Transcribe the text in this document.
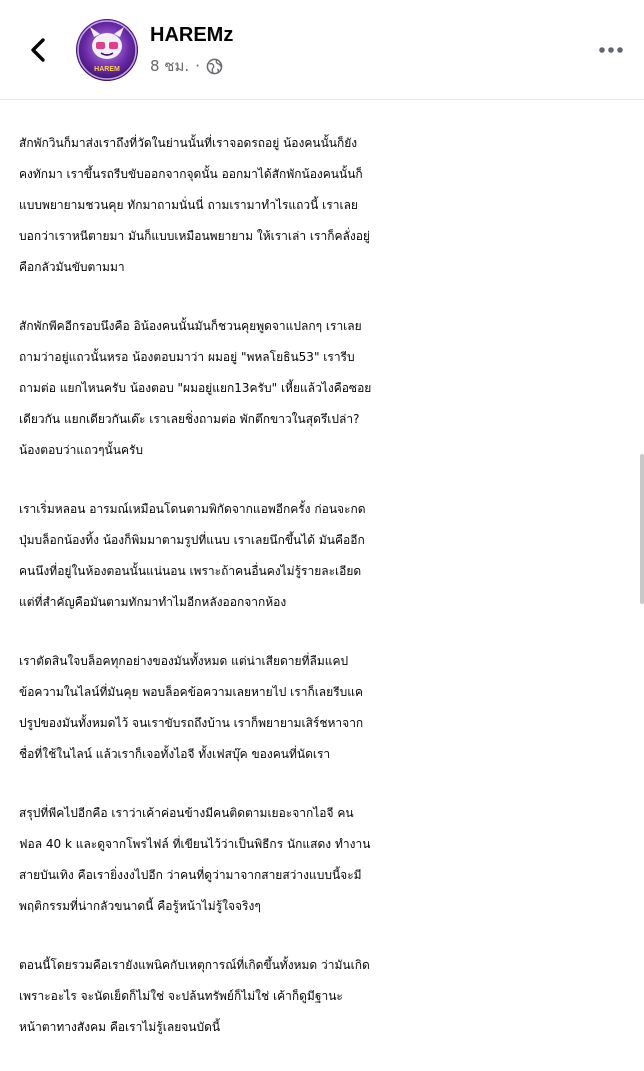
HAREM
HAREMz
8 ชม. ·
สักพักวินก็มาส่งเราถึงที่วัดในย่านนั้นที่เราจอดรถอยู่ น้องคนนั้นก็ยัง
คงทักมา เราขึ้นรถรีบขับออกจากจุดนั้น ออกมาได้สักพักน้องคนนั้นก็
แบบพยายามชวนคุย ทักมาถามนั่นนี่ ถามเรามาทำไรแถวนี้ เราเลย
บอกว่าเราหนีตายมา มันก็แบบเหมือนพยายาม ให้เราเล่า เราก็คลั่งอยู่
คือกลัวมันขับตามมา
สักพักพีคอีกรอบนึงคือ อิน้องคนนั้นมันก็ชวนคุยพูดจาแปลกๆ เราเลย
ถามว่าอยู่แถวนั้นหรอ น้องตอบมาว่า ผมอยู่ "พหลโยธิน53" เรารีบ
ถามต่อ แยกไหนครับ น้องตอบ "ผมอยู่แยก13ครับ" เหี้ยแล้วไงคือซอย
เดียวกัน แยกเดียวกันเด๊ะ เราเลยชิ่งถามต่อ พักตึกขาวในสุดรึเปล่า?
น้องตอบว่าแถวๆนั้นครับ
เราเริ่มหลอน อารมณ์เหมือนโดนตามพิกัดจากแอพอีกครั้ง ก่อนจะกด
ปุ่มบล็อกน้องทิ้ง น้องก็พิมมาตามรูปที่แนบ เราเลยนึกขึ้นได้ มันคืออีก
คนนึงที่อยู่ในห้องตอนนั้นแน่นอน เพราะถ้าคนอื่นคงไม่รู้รายละเอียด
แต่ที่สำคัญคือมันตามทักมาทำไมอีกหลังออกจากห้อง
เราตัดสินใจบล็อคทุกอย่างของมันทั้งหมด แต่น่าเสียดายที่ลืมแคป
ข้อความในไลน์ที่มันคุย พอบล็อคข้อความเลยหายไป เราก็เลยรีบแค
ปรูปของมันทั้งหมดไว้ จนเราขับรถถึงบ้าน เราก็พยายามเสิร์ชหาจาก
ชื่อที่ใช้ในไลน์ แล้วเราก็เจอทั้งไอจี ทั้งเฟสบุ๊ค ของคนที่นัดเรา
สรุปที่พีคไปอีกคือ เราว่าเค้าค่อนข้างมีคนติดตามเยอะจากไอจี คน
ฟอล 40 k และดูจากโพรไฟล์ ที่เขียนไว้ว่าเป็นพิธีกร นักแสดง ทำงาน
สายบันเทิง คือเรายิ่งงงไปอีก ว่าคนที่ดูว่ามาจากสายสว่างแบบนี้จะมี
พฤติกรรมที่น่ากลัวขนาดนี้ คือรู้หน้าไม่รู้ใจจริงๆ
ตอนนี้โดยรวมคือเรายังแพนิคกับเหตุการณ์ที่เกิดขึ้นทั้งหมด ว่ามันเกิด
เพราะอะไร จะนัดเย็ดก็ไม่ใช่ จะปล้นทรัพย์ก็ไม่ใช่ เค้าก็ดูมีฐานะ
หน้าตาทางสังคม คือเราไม่รู้เลยจนบัดนี้
